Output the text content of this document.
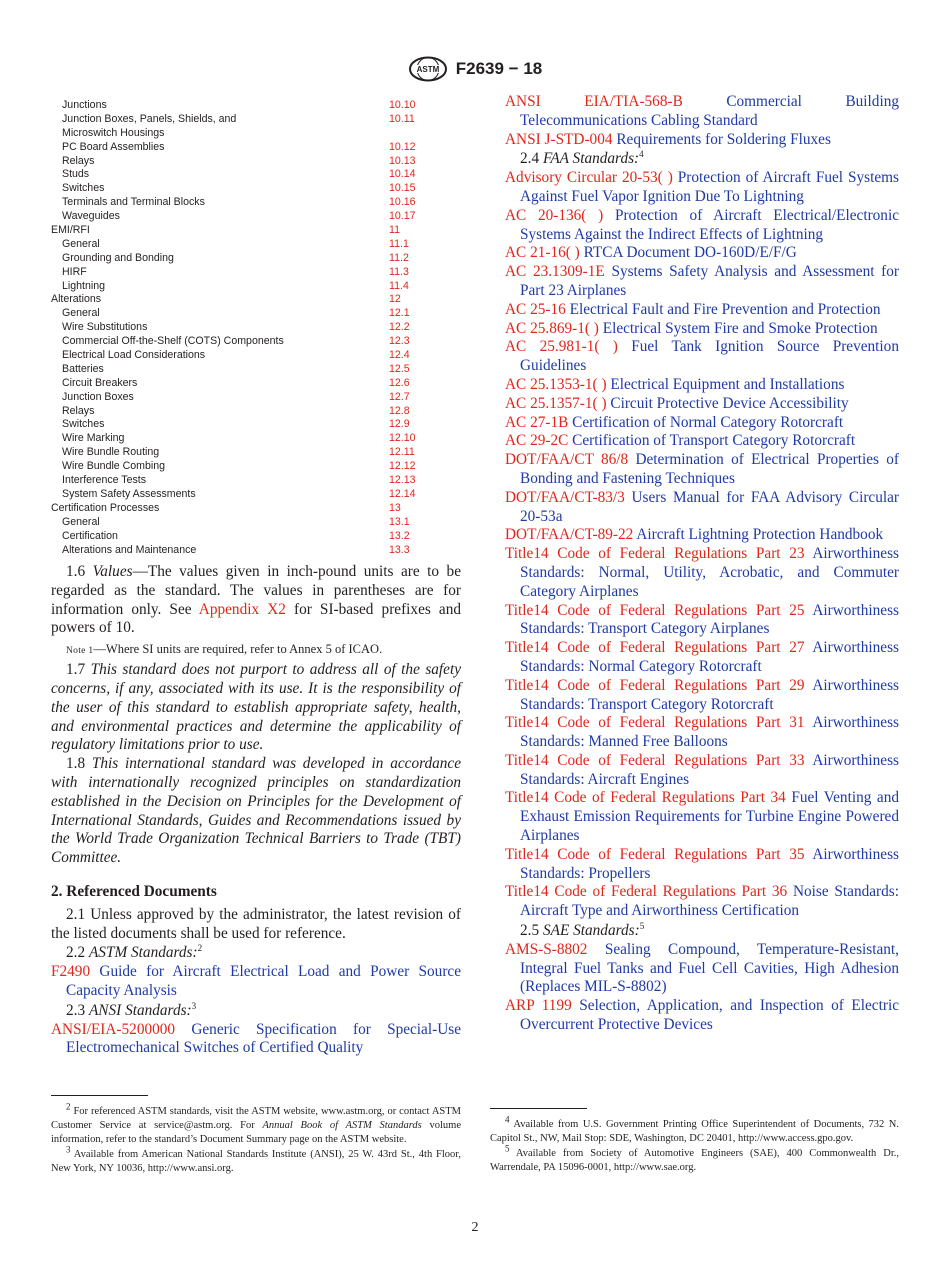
ASTM F2639 − 18
Junctions	10.10
Junction Boxes, Panels, Shields, and	10.11
Microswitch Housings
PC Board Assemblies	10.12
Relays	10.13
Studs	10.14
Switches	10.15
Terminals and Terminal Blocks	10.16
Waveguides	10.17
EMI/RFI	11
General	11.1
Grounding and Bonding	11.2
HIRF	11.3
Lightning	11.4
Alterations	12
General	12.1
Wire Substitutions	12.2
Commercial Off-the-Shelf (COTS) Components	12.3
Electrical Load Considerations	12.4
Batteries	12.5
Circuit Breakers	12.6
Junction Boxes	12.7
Relays	12.8
Switches	12.9
Wire Marking	12.10
Wire Bundle Routing	12.11
Wire Bundle Combing	12.12
Interference Tests	12.13
System Safety Assessments	12.14
Certification Processes	13
General	13.1
Certification	13.2
Alterations and Maintenance	13.3

1.6 Values—The values given in inch-pound units are to be regarded as the standard. The values in parentheses are for information only. See Appendix X2 for SI-based prefixes and powers of 10.

Note 1—Where SI units are required, refer to Annex 5 of ICAO.

1.7 This standard does not purport to address all of the safety concerns, if any, associated with its use. It is the responsibility of the user of this standard to establish appropriate safety, health, and environmental practices and determine the applicability of regulatory limitations prior to use.

1.8 This international standard was developed in accordance with internationally recognized principles on standardization established in the Decision on Principles for the Development of International Standards, Guides and Recommendations issued by the World Trade Organization Technical Barriers to Trade (TBT) Committee.

2. Referenced Documents

2.1 Unless approved by the administrator, the latest revision of the listed documents shall be used for reference.

2.2 ASTM Standards:$^2$

F2490 Guide for Aircraft Electrical Load and Power Source Capacity Analysis

2.3 ANSI Standards:$^3$

ANSI/EIA-5200000 Generic Specification for Special-Use Electromechanical Switches of Certified Quality

ANSI EIA/TIA-568-B	Commercial Building Telecommunications Cabling Standard

ANSI J-STD-004 Requirements for Soldering Fluxes

2.4 FAA Standards:$^4$

Advisory Circular 20-53( ) Protection of Aircraft Fuel Systems Against Fuel Vapor Ignition Due To Lightning

AC 20-136( ) Protection of Aircraft Electrical/Electronic Systems Against the Indirect Effects of Lightning

AC 21-16( ) RTCA Document DO-160D/E/F/G

AC 23.1309-1E Systems Safety Analysis and Assessment for Part 23 Airplanes

AC 25-16 Electrical Fault and Fire Prevention and Protection

AC 25.869-1( ) Electrical System Fire and Smoke Protection

AC 25.981-1( ) Fuel Tank Ignition Source Prevention Guidelines

AC 25.1353-1( ) Electrical Equipment and Installations

AC 25.1357-1( ) Circuit Protective Device Accessibility

AC 27-1B Certification of Normal Category Rotorcraft

AC 29-2C Certification of Transport Category Rotorcraft

DOT/FAA/CT 86/8 Determination of Electrical Properties of Bonding and Fastening Techniques

DOT/FAA/CT-83/3 Users Manual for FAA Advisory Circular 20-53a

DOT/FAA/CT-89-22 Aircraft Lightning Protection Handbook

Title14 Code of Federal Regulations Part 23 Airworthiness Standards: Normal, Utility, Acrobatic, and Commuter Category Airplanes

Title14 Code of Federal Regulations Part 25 Airworthiness Standards: Transport Category Airplanes

Title14 Code of Federal Regulations Part 27 Airworthiness Standards: Normal Category Rotorcraft

Title14 Code of Federal Regulations Part 29 Airworthiness Standards: Transport Category Rotorcraft

Title14 Code of Federal Regulations Part 31 Airworthiness Standards: Manned Free Balloons

Title14 Code of Federal Regulations Part 33 Airworthiness Standards: Aircraft Engines

Title14 Code of Federal Regulations Part 34 Fuel Venting and Exhaust Emission Requirements for Turbine Engine Powered Airplanes

Title14 Code of Federal Regulations Part 35 Airworthiness Standards: Propellers

Title14 Code of Federal Regulations Part 36 Noise Standards: Aircraft Type and Airworthiness Certification

2.5 SAE Standards:$^5$

AMS-S-8802 Sealing Compound, Temperature-Resistant, Integral Fuel Tanks and Fuel Cell Cavities, High Adhesion (Replaces MIL-S-8802)

ARP 1199 Selection, Application, and Inspection of Electric Overcurrent Protective Devices

$^2$ For referenced ASTM standards, visit the ASTM website, www.astm.org, or contact ASTM Customer Service at service@astm.org. For Annual Book of ASTM Standards volume information, refer to the standard’s Document Summary page on the ASTM website.

$^3$ Available from American National Standards Institute (ANSI), 25 W. 43rd St., 4th Floor, New York, NY 10036, http://www.ansi.org.

$^4$ Available from U.S. Government Printing Office Superintendent of Documents, 732 N. Capitol St., NW, Mail Stop: SDE, Washington, DC 20401, http://www.access.gpo.gov.

$^5$ Available from Society of Automotive Engineers (SAE), 400 Commonwealth Dr., Warrendale, PA 15096-0001, http://www.sae.org.

2
